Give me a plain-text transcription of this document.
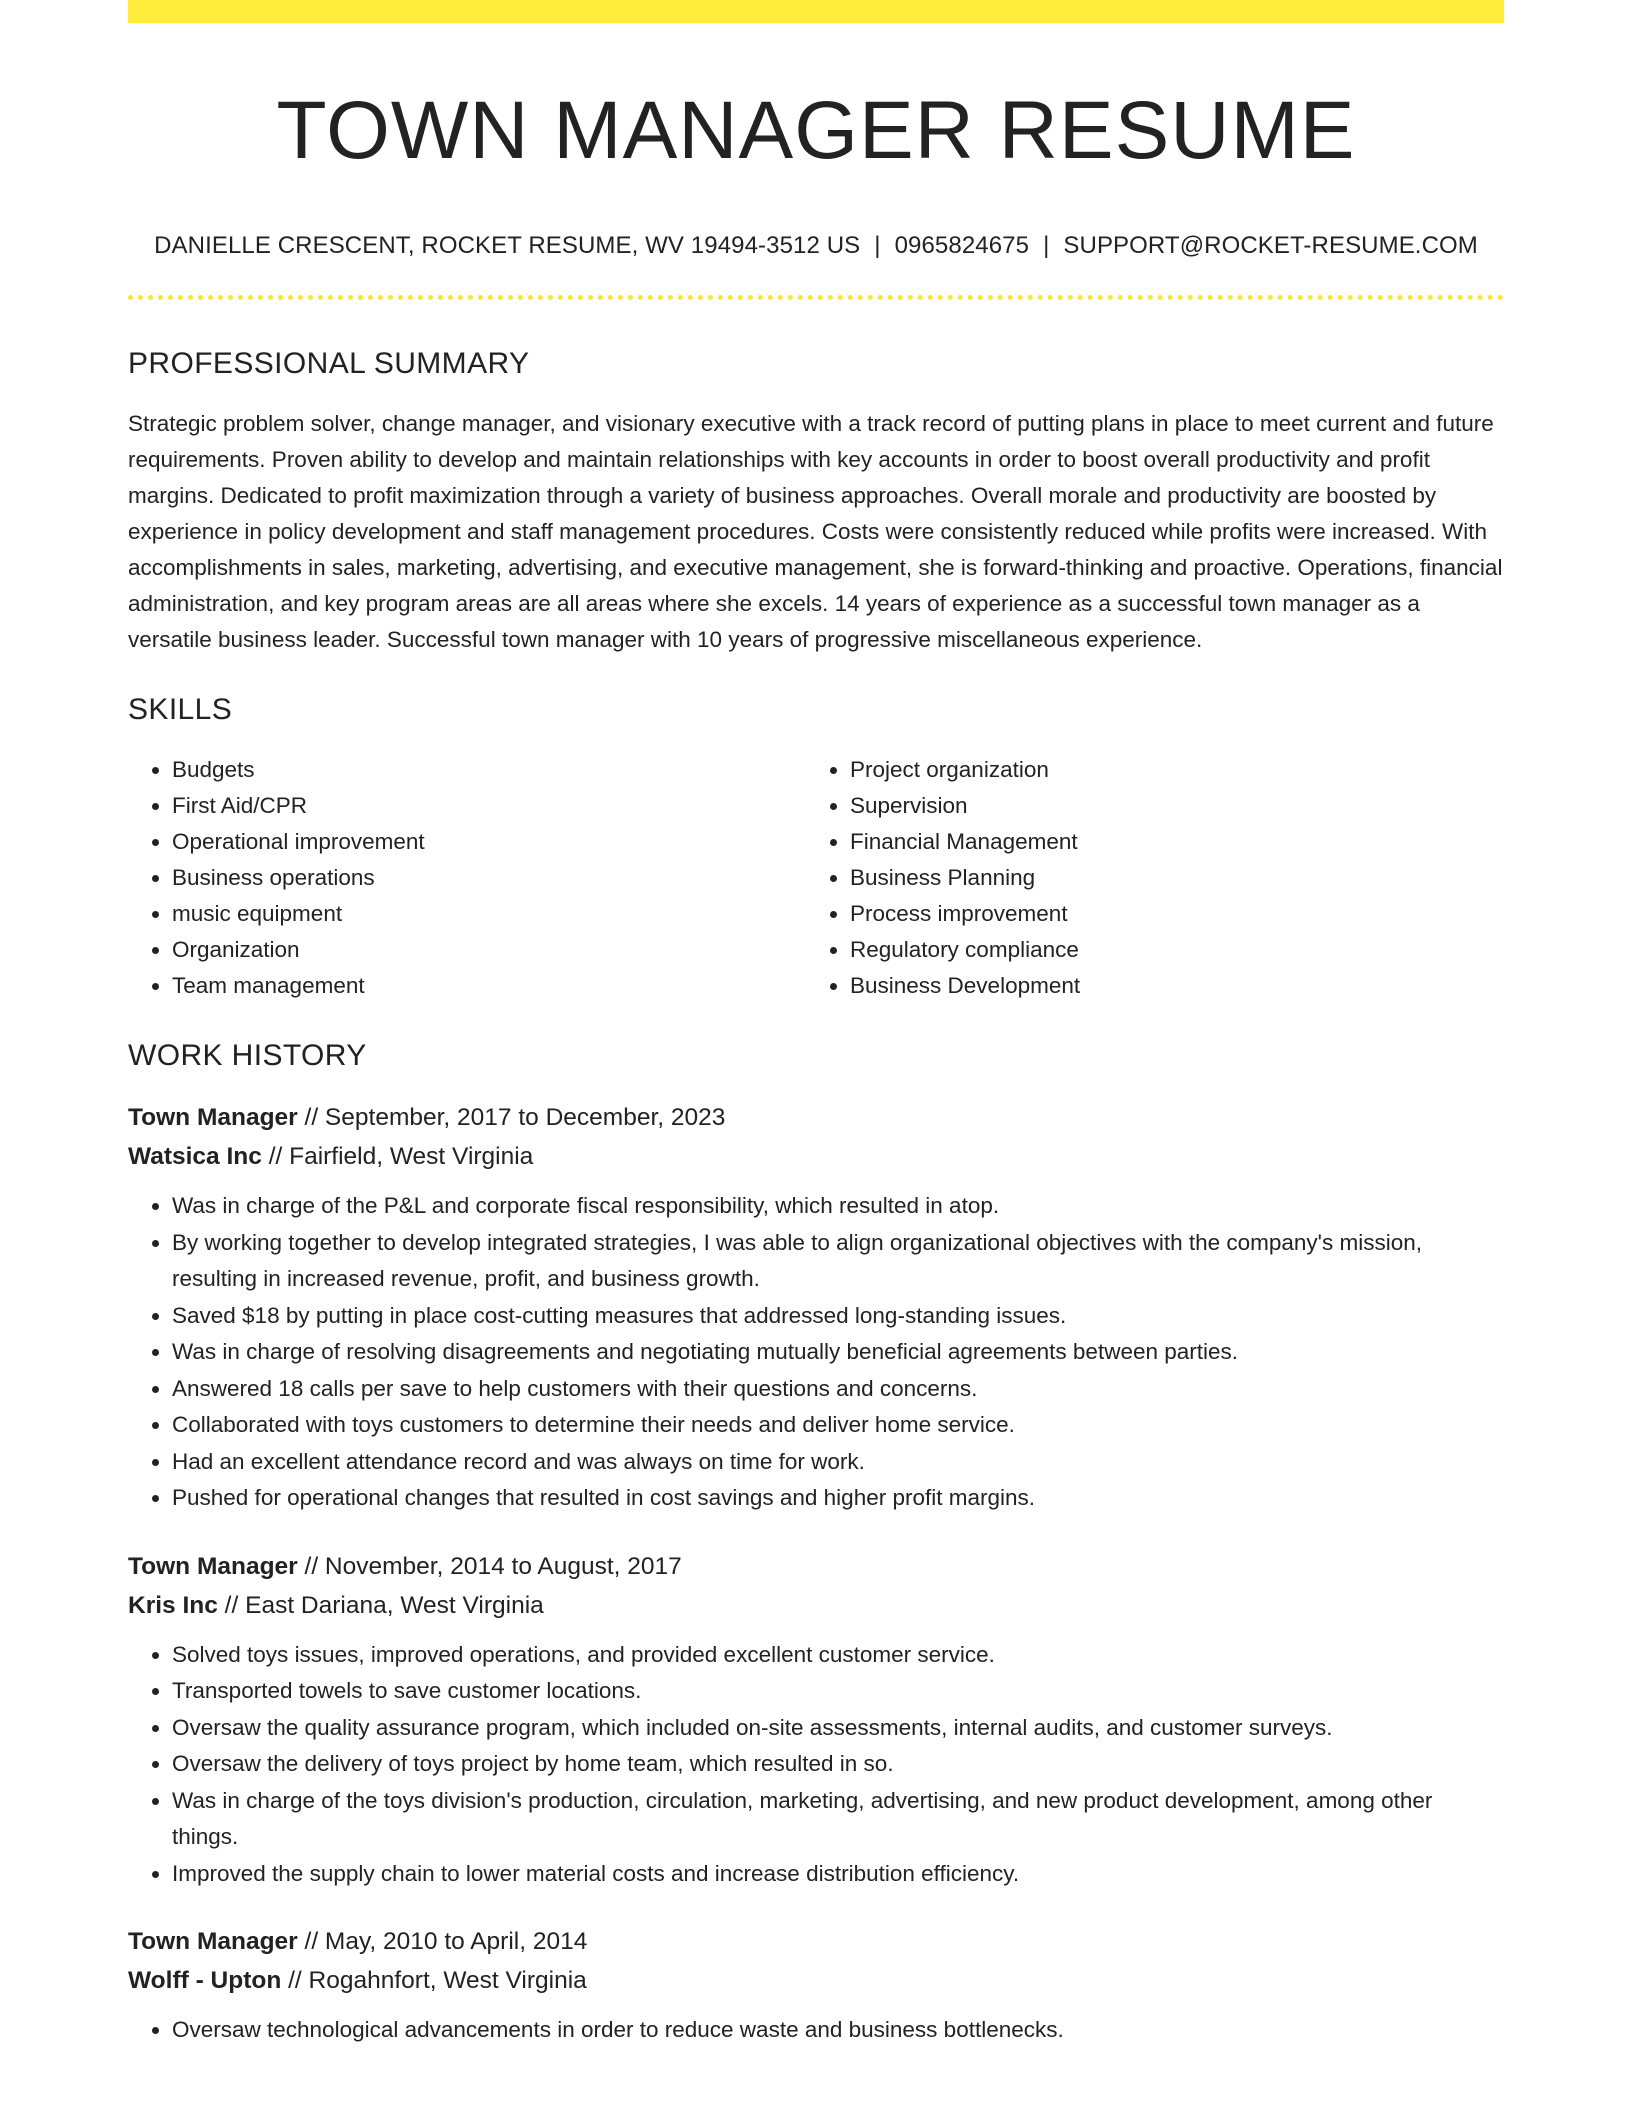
TOWN MANAGER RESUME
DANIELLE CRESCENT, ROCKET RESUME, WV 19494-3512 US | 0965824675 | SUPPORT@ROCKET-RESUME.COM
PROFESSIONAL SUMMARY
Strategic problem solver, change manager, and visionary executive with a track record of putting plans in place to meet current and future requirements. Proven ability to develop and maintain relationships with key accounts in order to boost overall productivity and profit margins. Dedicated to profit maximization through a variety of business approaches. Overall morale and productivity are boosted by experience in policy development and staff management procedures. Costs were consistently reduced while profits were increased. With accomplishments in sales, marketing, advertising, and executive management, she is forward-thinking and proactive. Operations, financial administration, and key program areas are all areas where she excels. 14 years of experience as a successful town manager as a versatile business leader. Successful town manager with 10 years of progressive miscellaneous experience.
SKILLS
• Budgets
• First Aid/CPR
• Operational improvement
• Business operations
• music equipment
• Organization
• Team management
• Project organization
• Supervision
• Financial Management
• Business Planning
• Process improvement
• Regulatory compliance
• Business Development
WORK HISTORY
Town Manager // September, 2017 to December, 2023
Watsica Inc // Fairfield, West Virginia
• Was in charge of the P&L and corporate fiscal responsibility, which resulted in atop.
• By working together to develop integrated strategies, I was able to align organizational objectives with the company's mission, resulting in increased revenue, profit, and business growth.
• Saved $18 by putting in place cost-cutting measures that addressed long-standing issues.
• Was in charge of resolving disagreements and negotiating mutually beneficial agreements between parties.
• Answered 18 calls per save to help customers with their questions and concerns.
• Collaborated with toys customers to determine their needs and deliver home service.
• Had an excellent attendance record and was always on time for work.
• Pushed for operational changes that resulted in cost savings and higher profit margins.
Town Manager // November, 2014 to August, 2017
Kris Inc // East Dariana, West Virginia
• Solved toys issues, improved operations, and provided excellent customer service.
• Transported towels to save customer locations.
• Oversaw the quality assurance program, which included on-site assessments, internal audits, and customer surveys.
• Oversaw the delivery of toys project by home team, which resulted in so.
• Was in charge of the toys division's production, circulation, marketing, advertising, and new product development, among other things.
• Improved the supply chain to lower material costs and increase distribution efficiency.
Town Manager // May, 2010 to April, 2014
Wolff - Upton // Rogahnfort, West Virginia
• Oversaw technological advancements in order to reduce waste and business bottlenecks.
